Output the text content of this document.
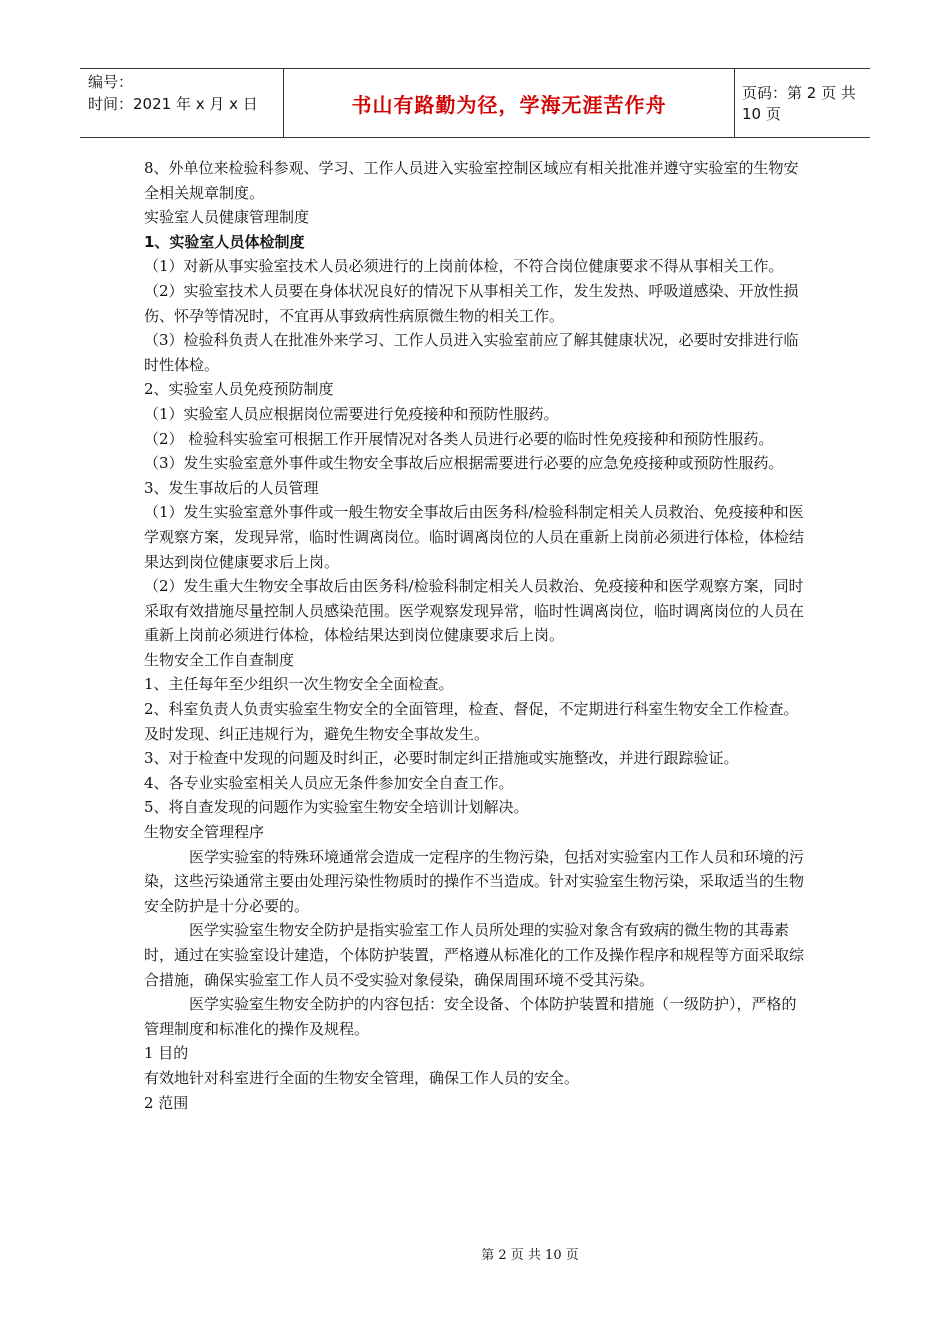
编号：
时间：2021 年 x 月 x 日	书山有路勤为径，学海无涯苦作舟	页码：第 2 页 共 10 页

8、外单位来检验科参观、学习、工作人员进入实验室控制区域应有相关批准并遵守实验室的生物安全相关规章制度。

实验室人员健康管理制度

1、实验室人员体检制度

（1）对新从事实验室技术人员必须进行的上岗前体检，不符合岗位健康要求不得从事相关工作。

（2）实验室技术人员要在身体状况良好的情况下从事相关工作，发生发热、呼吸道感染、开放性损伤、怀孕等情况时，不宜再从事致病性病原微生物的相关工作。

（3）检验科负责人在批准外来学习、工作人员进入实验室前应了解其健康状况，必要时安排进行临时性体检。

2、实验室人员免疫预防制度

（1）实验室人员应根据岗位需要进行免疫接种和预防性服药。

（2） 检验科实验室可根据工作开展情况对各类人员进行必要的临时性免疫接种和预防性服药。

（3）发生实验室意外事件或生物安全事故后应根据需要进行必要的应急免疫接种或预防性服药。

3、发生事故后的人员管理

（1）发生实验室意外事件或一般生物安全事故后由医务科/检验科制定相关人员救治、免疫接种和医学观察方案，发现异常，临时性调离岗位。临时调离岗位的人员在重新上岗前必须进行体检，体检结果达到岗位健康要求后上岗。

（2）发生重大生物安全事故后由医务科/检验科制定相关人员救治、免疫接种和医学观察方案，同时采取有效措施尽量控制人员感染范围。医学观察发现异常，临时性调离岗位，临时调离岗位的人员在重新上岗前必须进行体检，体检结果达到岗位健康要求后上岗。

生物安全工作自查制度

1、主任每年至少组织一次生物安全全面检查。

2、科室负责人负责实验室生物安全的全面管理，检查、督促，不定期进行科室生物安全工作检查。及时发现、纠正违规行为，避免生物安全事故发生。

3、对于检查中发现的问题及时纠正，必要时制定纠正措施或实施整改，并进行跟踪验证。

4、各专业实验室相关人员应无条件参加安全自查工作。

5、将自查发现的问题作为实验室生物安全培训计划解决。

生物安全管理程序

医学实验室的特殊环境通常会造成一定程序的生物污染，包括对实验室内工作人员和环境的污染，这些污染通常主要由处理污染性物质时的操作不当造成。针对实验室生物污染，采取适当的生物安全防护是十分必要的。

医学实验室生物安全防护是指实验室工作人员所处理的实验对象含有致病的微生物的其毒素时，通过在实验室设计建造，个体防护装置，严格遵从标准化的工作及操作程序和规程等方面采取综合措施，确保实验室工作人员不受实验对象侵染，确保周围环境不受其污染。

医学实验室生物安全防护的内容包括：安全设备、个体防护装置和措施（一级防护），严格的管理制度和标准化的操作及规程。

1 目的

有效地针对科室进行全面的生物安全管理，确保工作人员的安全。

2 范围

第 2 页 共 10 页
